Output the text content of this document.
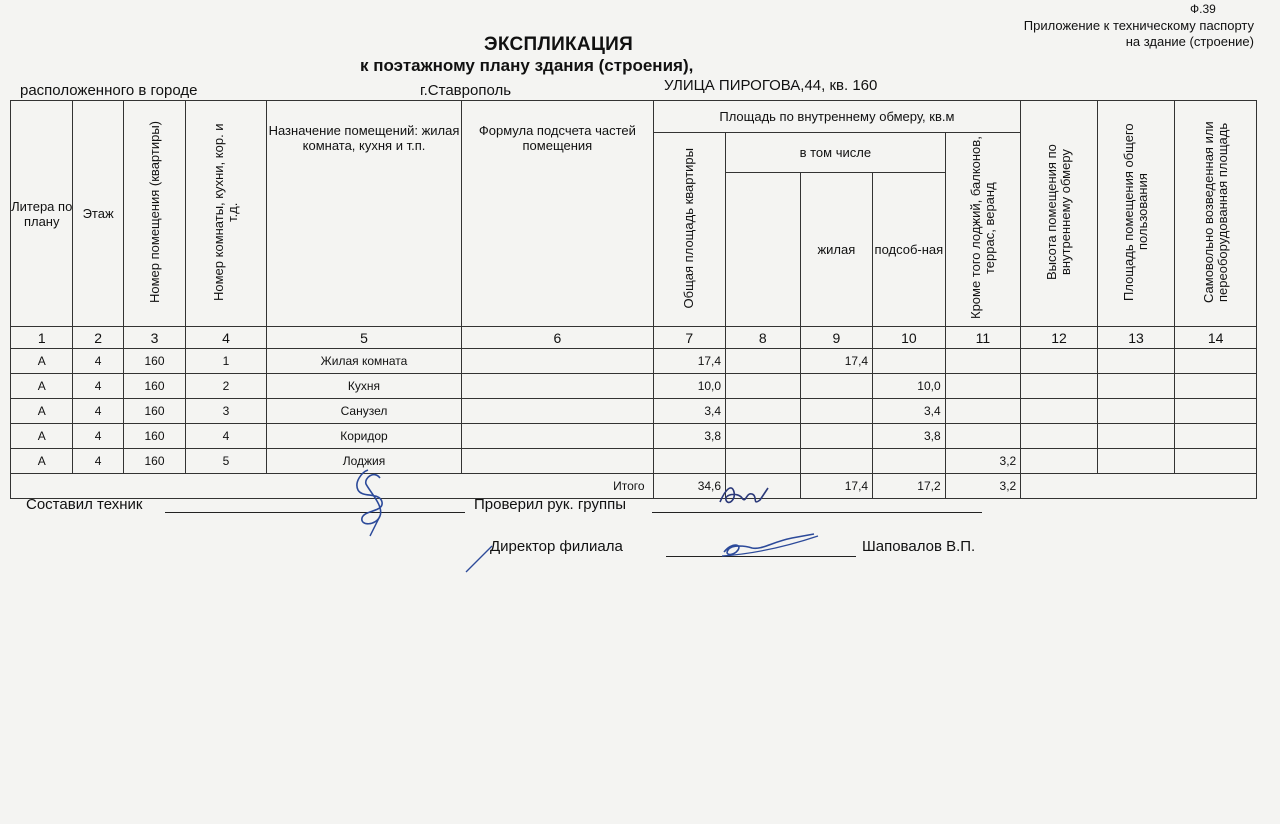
Ф.39
Приложение к техническому паспорту
на здание (строение)
ЭКСПЛИКАЦИЯ
к поэтажному плану здания (строения),
расположенного в городе	г.Ставрополь	УЛИЦА ПИРОГОВА,44, кв. 160
Литера по плану	Этаж	Номер помещения (квартиры)	Номер комнаты, кухни, кор. и т.д.	Назначение помещений: жилая комната, кухня и т.п.	Формула подсчета частей помещения	Площадь по внутреннему обмеру, кв.м					Высота помещения по внутреннему обмеру	Площадь помещения общего пользования	Самовольно возведенная или переоборудованная площадь
						Общая площадь квартиры	в том числе			Кроме того лоджий, балконов, террас, веранд			
								жилая	подсоб-ная				
1	2	3	4	5	6	7	8	9	10	11	12	13	14
А	4	160	1	Жилая комната		17,4		17,4					
А	4	160	2	Кухня		10,0			10,0				
А	4	160	3	Санузел		3,4			3,4				
А	4	160	4	Коридор		3,8			3,8				
А	4	160	5	Лоджия						3,2			
Итого						34,6		17,4	17,2	3,2			
Составил техник	Проверил рук. группы
Директор филиала	Шаповалов В.П.
